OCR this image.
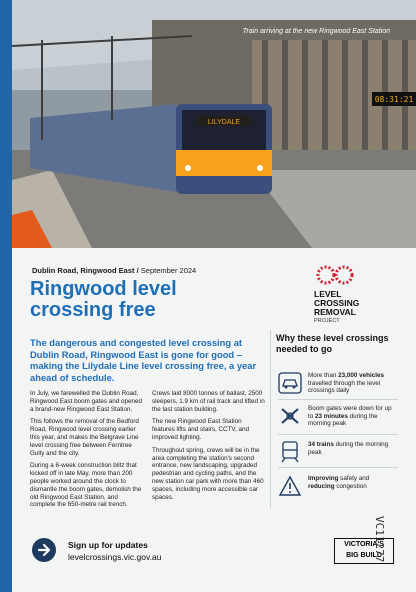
LILYDALE
08:31:21
Train arriving at the new Ringwood East Station
Dublin Road, Ringwood East / September 2024
Ringwood level crossing free
LEVEL
CROSSING
REMOVAL
PROJECT
The dangerous and congested level crossing at Dublin Road, Ringwood East is gone for good – making the Lilydale Line level crossing free, a year ahead of schedule.

In July, we farewelled the Dublin Road, Ringwood East boom gates and opened a brand-new Ringwood East Station.

This follows the removal of the Bedford Road, Ringwood level crossing earlier this year, and makes the Belgrave Line level crossing free between Ferntree Gully and the city.

During a 6-week construction blitz that kicked off in late May, more than 200 people worked around the clock to dismantle the boom gates, demolish the old Ringwood East Station, and complete the 650-metre rail trench.

Crews laid 8000 tonnes of ballast, 2500 sleepers, 1.9 km of rail track and lifted in the last station building.

The new Ringwood East Station features lifts and stairs, CCTV, and improved lighting.

Throughout spring, crews will be in the area completing the station's second entrance, new landscaping, upgraded pedestrian and cycling paths, and the new station car park with more than 460 spaces, including more accessible car spaces.

Why these level crossings needed to go
More than 23,000 vehicles travelled through the level crossings daily
Boom gates were down for up to 23 minutes during the morning peak
34 trains during the morning peak
Improving safety and reducing congestion
Sign up for updates
levelcrossings.vic.gov.au
VICTORIA'S
BIG BUILD
VC11277
